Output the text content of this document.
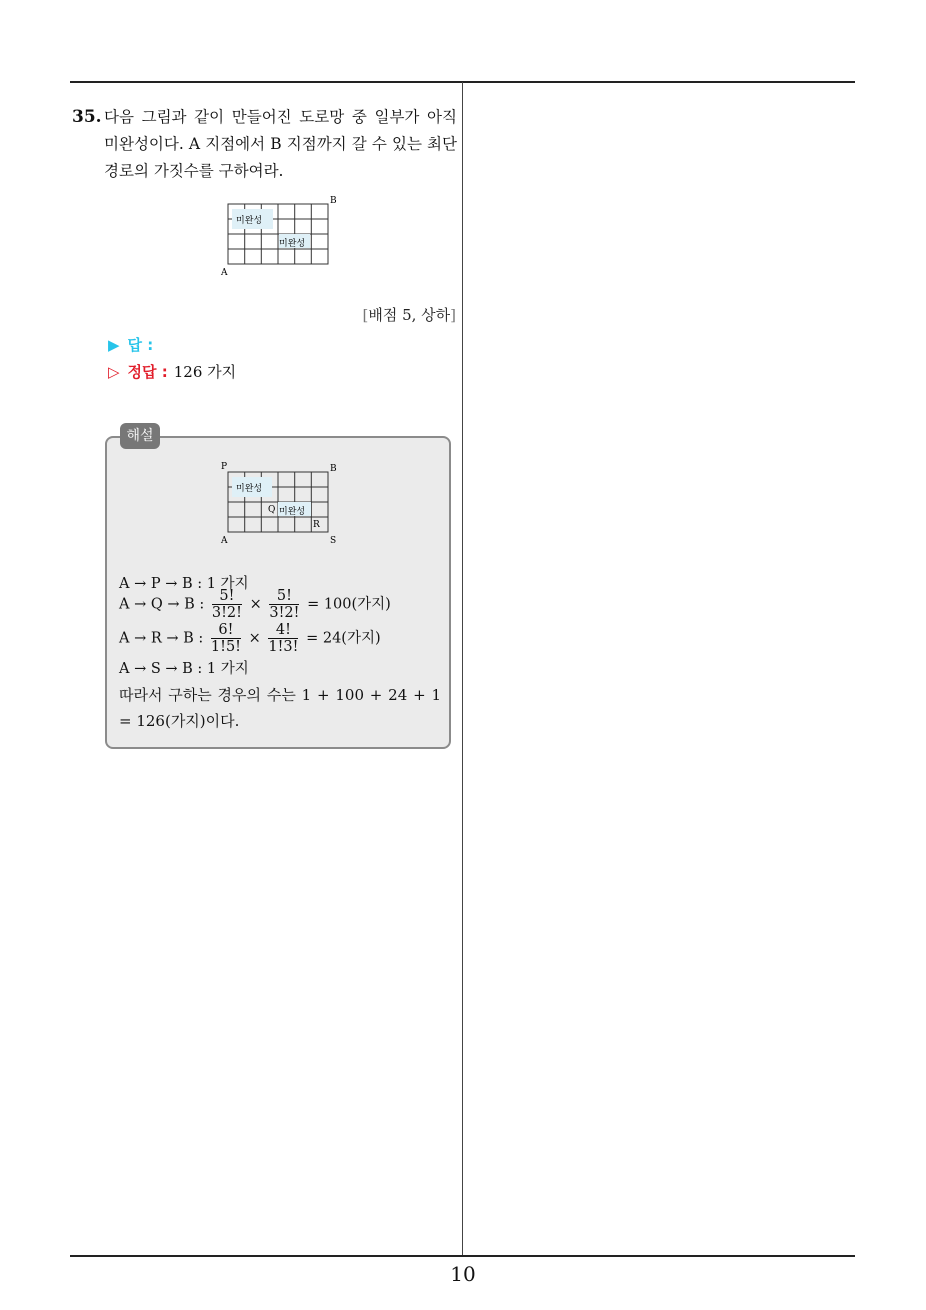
35. 다음 그림과 같이 만들어진 도로망 중 일부가 아직 미완성이다. A 지점에서 B 지점까지 갈 수 있는 최단 경로의 가짓수를 구하여라.
미완성
미완성
B
A
[배점 5, 상하]
▶ 답 :
▷ 정답 : 126 가지
해설
미완성
미완성
P	B
A	S
Q
R
A → P → B : 1 가지
A → Q → B : $\frac{5!}{3!2!} \times \frac{5!}{3!2!} = 100$(가지)
A → R → B : $\frac{6!}{1!5!} \times \frac{4!}{1!3!} = 24$(가지)
A → S → B : 1 가지
따라서 구하는 경우의 수는 1 + 100 + 24 + 1 = 126(가지)이다.
10
